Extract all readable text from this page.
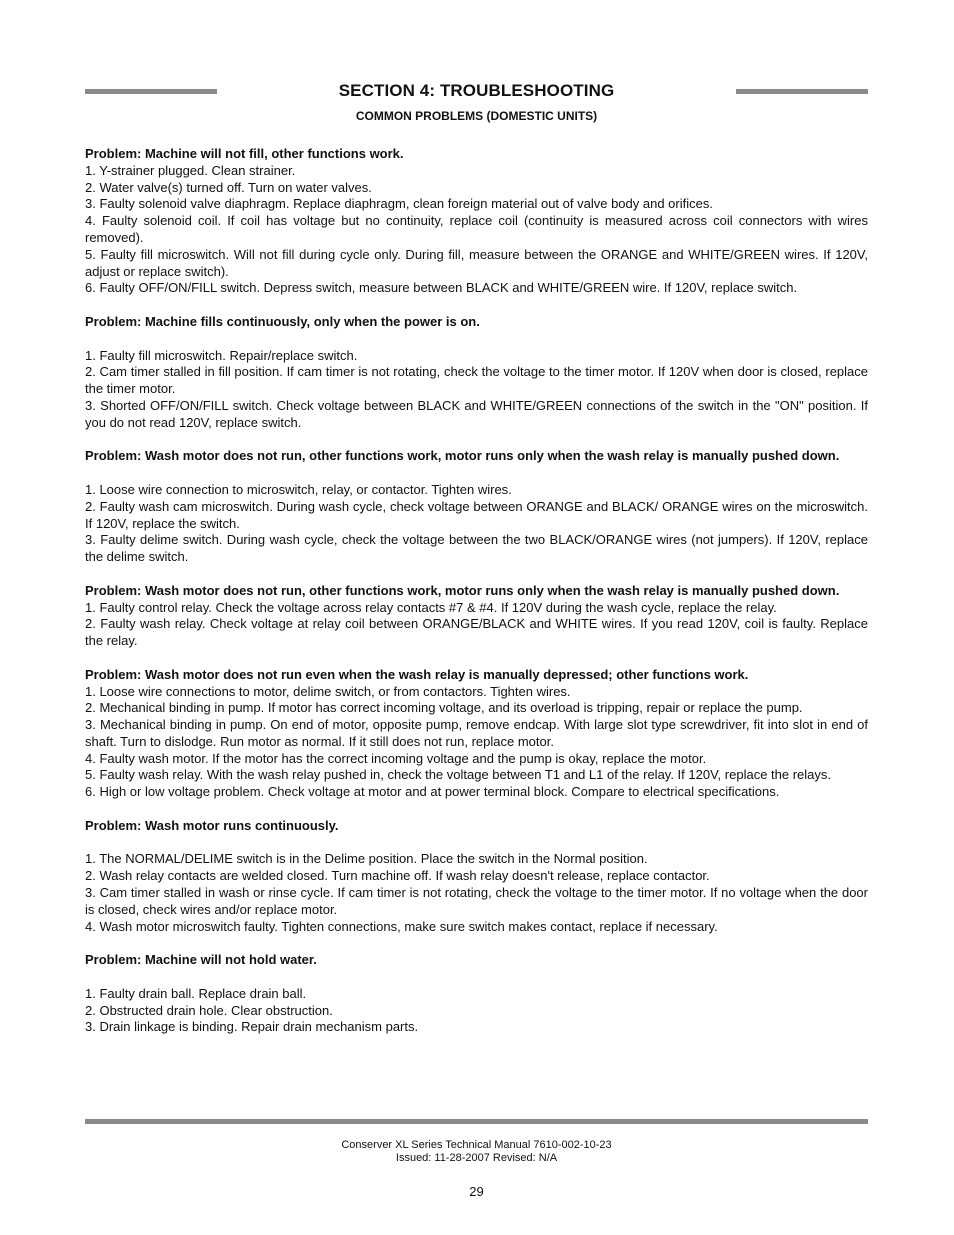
SECTION 4: TROUBLESHOOTING
COMMON PROBLEMS (DOMESTIC UNITS)

Problem: Machine will not fill, other functions work.

1. Y-strainer plugged. Clean strainer.

2. Water valve(s) turned off. Turn on water valves.

3. Faulty solenoid valve diaphragm. Replace diaphragm, clean foreign material out of valve body and orifices.

4. Faulty solenoid coil. If coil has voltage but no continuity, replace coil (continuity is measured across coil connectors with wires removed).

5. Faulty fill microswitch. Will not fill during cycle only. During fill, measure between the ORANGE and WHITE/GREEN wires. If 120V, adjust or replace switch).

6. Faulty OFF/ON/FILL switch. Depress switch, measure between BLACK and WHITE/GREEN wire. If 120V, replace switch.

Problem: Machine fills continuously, only when the power is on.

1. Faulty fill microswitch. Repair/replace switch.

2. Cam timer stalled in fill position. If cam timer is not rotating, check the voltage to the timer motor. If 120V when door is closed, replace the timer motor.

3. Shorted OFF/ON/FILL switch. Check voltage between BLACK and WHITE/GREEN connections of the switch in the "ON" position. If you do not read 120V, replace switch.

Problem: Wash motor does not run, other functions work, motor runs only when the wash relay is manually pushed down.

1. Loose wire connection to microswitch, relay, or contactor. Tighten wires.

2. Faulty wash cam microswitch. During wash cycle, check voltage between ORANGE and BLACK/ ORANGE wires on the microswitch. If 120V, replace the switch.

3. Faulty delime switch. During wash cycle, check the voltage between the two BLACK/ORANGE wires (not jumpers). If 120V, replace the delime switch.

Problem: Wash motor does not run, other functions work, motor runs only when the wash relay is manually pushed down.

1. Faulty control relay. Check the voltage across relay contacts #7 & #4. If 120V during the wash cycle, replace the relay.

2. Faulty wash relay. Check voltage at relay coil between ORANGE/BLACK and WHITE wires. If you read 120V, coil is faulty. Replace the relay.

Problem: Wash motor does not run even when the wash relay is manually depressed; other functions work.

1. Loose wire connections to motor, delime switch, or from contactors. Tighten wires.

2. Mechanical binding in pump. If motor has correct incoming voltage, and its overload is tripping, repair or replace the pump.

3. Mechanical binding in pump. On end of motor, opposite pump, remove endcap. With large slot type screwdriver, fit into slot in end of shaft. Turn to dislodge. Run motor as normal. If it still does not run, replace motor.

4. Faulty wash motor. If the motor has the correct incoming voltage and the pump is okay, replace the motor.

5. Faulty wash relay. With the wash relay pushed in, check the voltage between T1 and L1 of the relay. If 120V, replace the relays.

6. High or low voltage problem. Check voltage at motor and at power terminal block. Compare to electrical specifications.

Problem: Wash motor runs continuously.

1. The NORMAL/DELIME switch is in the Delime position. Place the switch in the Normal position.

2. Wash relay contacts are welded closed. Turn machine off. If wash relay doesn't release, replace contactor.

3. Cam timer stalled in wash or rinse cycle. If cam timer is not rotating, check the voltage to the timer motor. If no voltage when the door is closed, check wires and/or replace motor.

4. Wash motor microswitch faulty. Tighten connections, make sure switch makes contact, replace if necessary.

Problem: Machine will not hold water.

1. Faulty drain ball. Replace drain ball.

2. Obstructed drain hole. Clear obstruction.

3. Drain linkage is binding. Repair drain mechanism parts.

Conserver XL Series Technical Manual 7610-002-10-23
Issued: 11-28-2007 Revised: N/A
29
